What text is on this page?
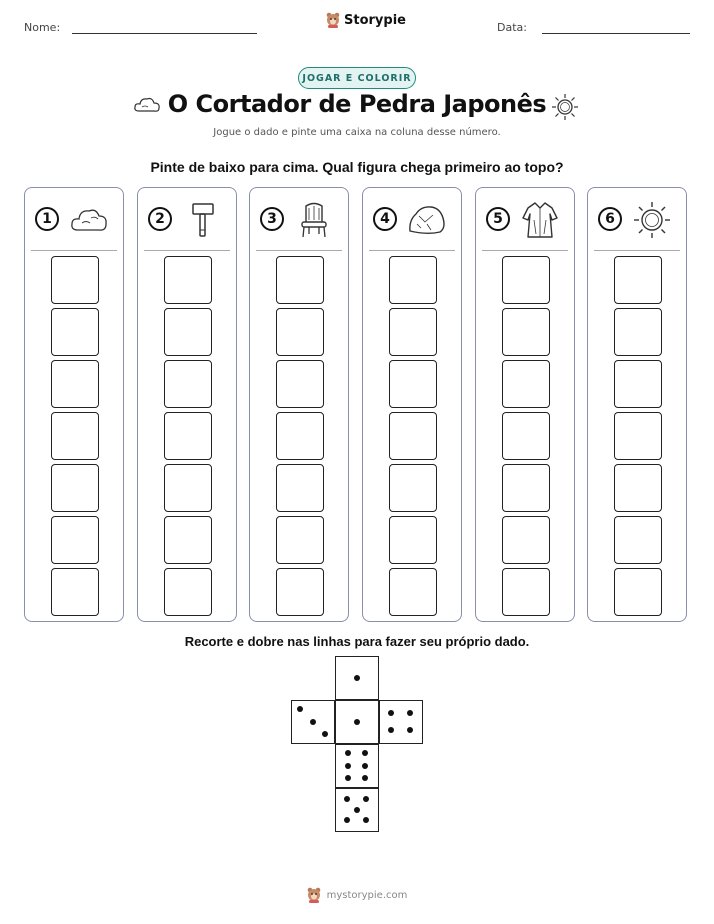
Nome:	Storypie	Data:
JOGAR E COLORIR
O Cortador de Pedra Japonês
Jogue o dado e pinte uma caixa na coluna desse número.
Pinte de baixo para cima. Qual figura chega primeiro ao topo?
1	2	3	4	5	6
Recorte e dobre nas linhas para fazer seu próprio dado.
mystorypie.com
